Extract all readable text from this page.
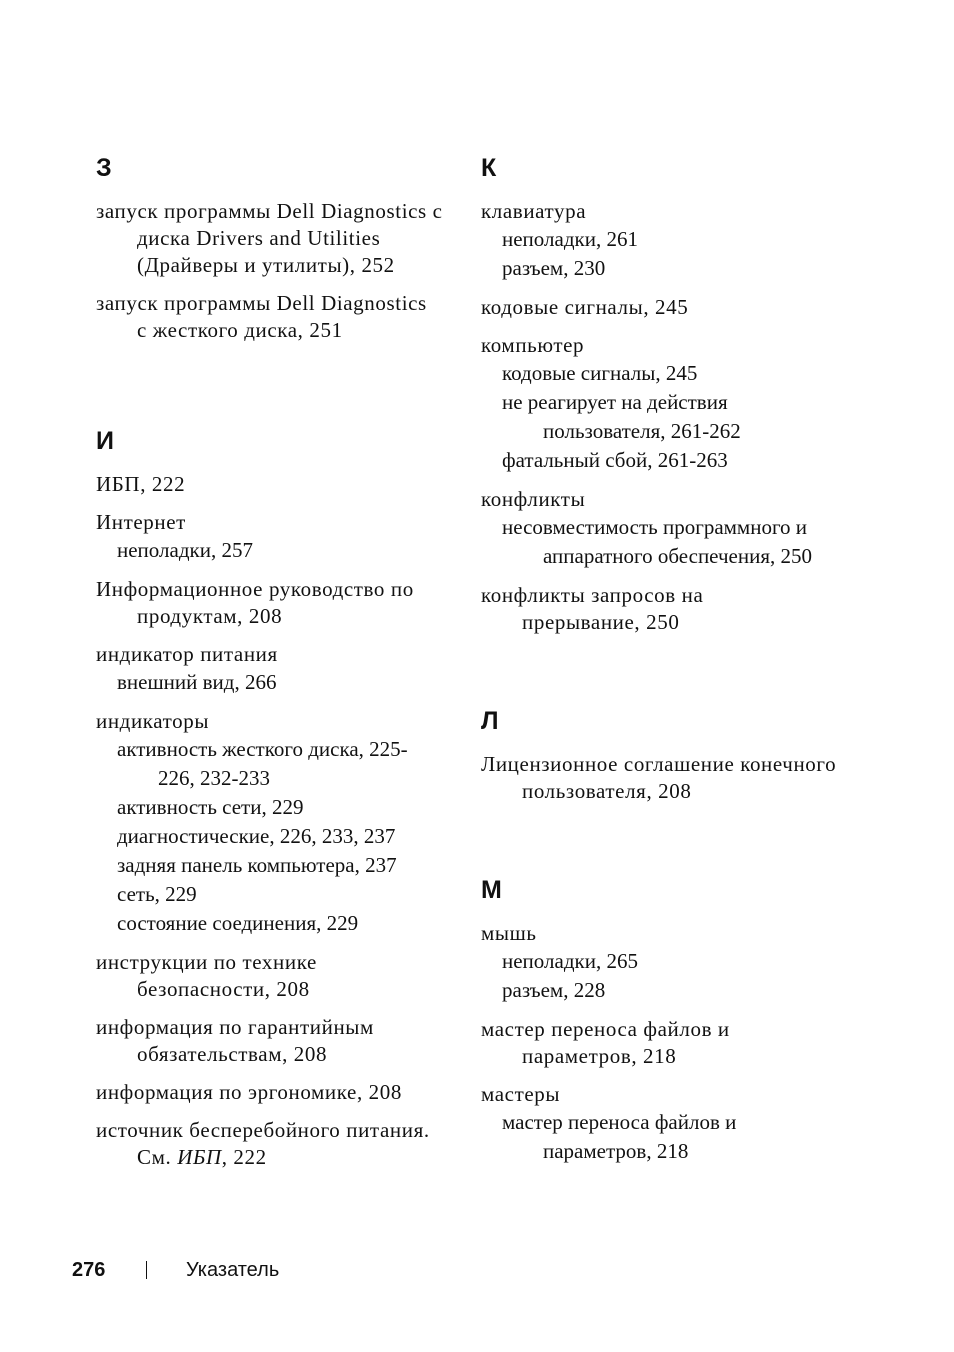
З
запуск программы Dell Diagnostics с диска Drivers and Utilities (Драйверы и утилиты), 252
запуск программы Dell Diagnostics с жесткого диска, 251
И
ИБП, 222
Интернет
неполадки, 257
Информационное руководство по продуктам, 208
индикатор питания
внешний вид, 266
индикаторы
активность жесткого диска, 225-226, 232-233
активность сети, 229
диагностические, 226, 233, 237
задняя панель компьютера, 237
сеть, 229
состояние соединения, 229
инструкции по технике безопасности, 208
информация по гарантийным обязательствам, 208
информация по эргономике, 208
источник бесперебойного питания. См. ИБП, 222
К
клавиатура
неполадки, 261
разъем, 230
кодовые сигналы, 245
компьютер
кодовые сигналы, 245
не реагирует на действия пользователя, 261-262
фатальный сбой, 261-263
конфликты
несовместимость программного и аппаратного обеспечения, 250
конфликты запросов на прерывание, 250
Л
Лицензионное соглашение конечного пользователя, 208
М
мышь
неполадки, 265
разъем, 228
мастер переноса файлов и параметров, 218
мастеры
мастер переноса файлов и параметров, 218
276	Указатель
